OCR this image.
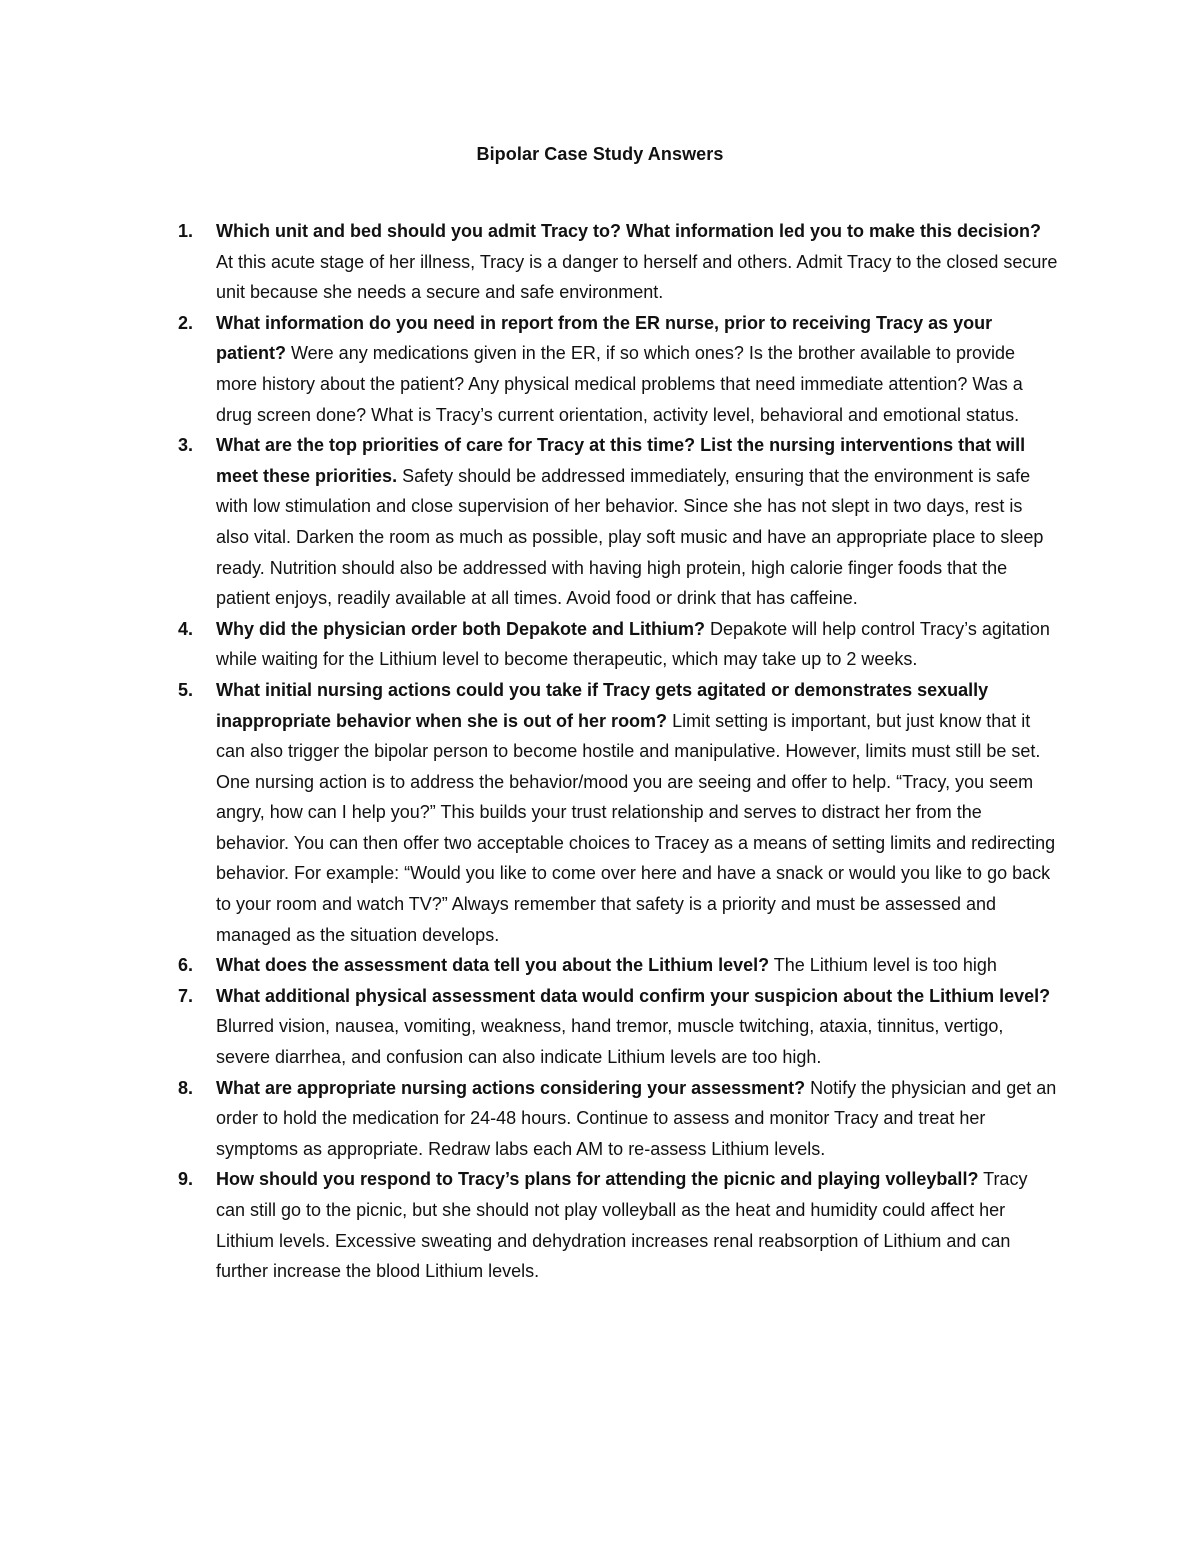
Bipolar Case Study Answers
1. Which unit and bed should you admit Tracy to? What information led you to make this decision? At this acute stage of her illness, Tracy is a danger to herself and others. Admit Tracy to the closed secure unit because she needs a secure and safe environment.
2. What information do you need in report from the ER nurse, prior to receiving Tracy as your patient? Were any medications given in the ER, if so which ones? Is the brother available to provide more history about the patient? Any physical medical problems that need immediate attention? Was a drug screen done? What is Tracy’s current orientation, activity level, behavioral and emotional status.
3. What are the top priorities of care for Tracy at this time? List the nursing interventions that will meet these priorities. Safety should be addressed immediately, ensuring that the environment is safe with low stimulation and close supervision of her behavior. Since she has not slept in two days, rest is also vital. Darken the room as much as possible, play soft music and have an appropriate place to sleep ready. Nutrition should also be addressed with having high protein, high calorie finger foods that the patient enjoys, readily available at all times. Avoid food or drink that has caffeine.
4. Why did the physician order both Depakote and Lithium? Depakote will help control Tracy’s agitation while waiting for the Lithium level to become therapeutic, which may take up to 2 weeks.
5. What initial nursing actions could you take if Tracy gets agitated or demonstrates sexually inappropriate behavior when she is out of her room? Limit setting is important, but just know that it can also trigger the bipolar person to become hostile and manipulative. However, limits must still be set. One nursing action is to address the behavior/mood you are seeing and offer to help. “Tracy, you seem angry, how can I help you?” This builds your trust relationship and serves to distract her from the behavior. You can then offer two acceptable choices to Tracey as a means of setting limits and redirecting behavior. For example: “Would you like to come over here and have a snack or would you like to go back to your room and watch TV?” Always remember that safety is a priority and must be assessed and managed as the situation develops.
6. What does the assessment data tell you about the Lithium level? The Lithium level is too high
7. What additional physical assessment data would confirm your suspicion about the Lithium level? Blurred vision, nausea, vomiting, weakness, hand tremor, muscle twitching, ataxia, tinnitus, vertigo, severe diarrhea, and confusion can also indicate Lithium levels are too high.
8. What are appropriate nursing actions considering your assessment? Notify the physician and get an order to hold the medication for 24-48 hours. Continue to assess and monitor Tracy and treat her symptoms as appropriate. Redraw labs each AM to re-assess Lithium levels.
9. How should you respond to Tracy’s plans for attending the picnic and playing volleyball? Tracy can still go to the picnic, but she should not play volleyball as the heat and humidity could affect her Lithium levels. Excessive sweating and dehydration increases renal reabsorption of Lithium and can further increase the blood Lithium levels.
